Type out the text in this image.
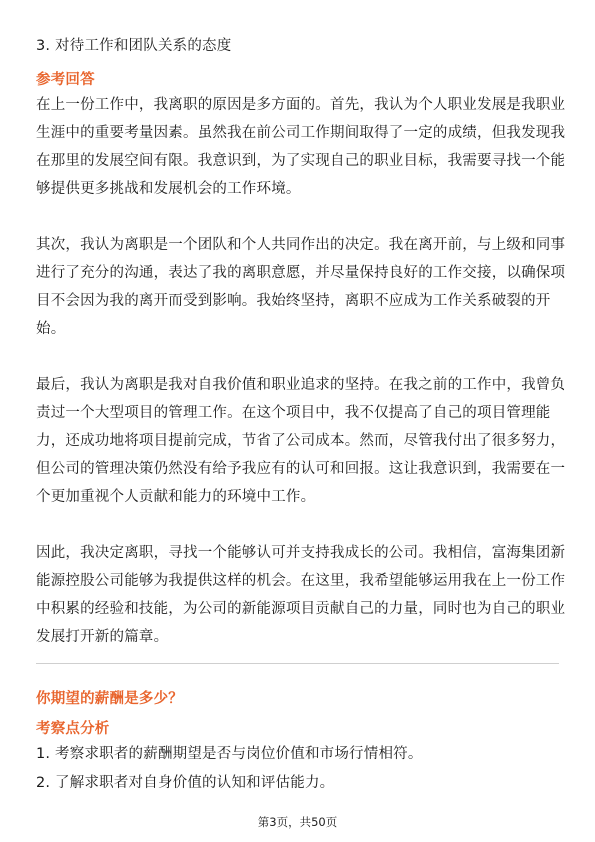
3. 对待工作和团队关系的态度
参考回答
在上一份工作中，我离职的原因是多方面的。首先，我认为个人职业发展是我职业
生涯中的重要考量因素。虽然我在前公司工作期间取得了一定的成绩，但我发现我
在那里的发展空间有限。我意识到，为了实现自己的职业目标，我需要寻找一个能
够提供更多挑战和发展机会的工作环境。
其次，我认为离职是一个团队和个人共同作出的决定。我在离开前，与上级和同事
进行了充分的沟通，表达了我的离职意愿，并尽量保持良好的工作交接，以确保项
目不会因为我的离开而受到影响。我始终坚持，离职不应成为工作关系破裂的开
始。
最后，我认为离职是我对自我价值和职业追求的坚持。在我之前的工作中，我曾负
责过一个大型项目的管理工作。在这个项目中，我不仅提高了自己的项目管理能
力，还成功地将项目提前完成，节省了公司成本。然而，尽管我付出了很多努力，
但公司的管理决策仍然没有给予我应有的认可和回报。这让我意识到，我需要在一
个更加重视个人贡献和能力的环境中工作。
因此，我决定离职，寻找一个能够认可并支持我成长的公司。我相信，富海集团新
能源控股公司能够为我提供这样的机会。在这里，我希望能够运用我在上一份工作
中积累的经验和技能，为公司的新能源项目贡献自己的力量，同时也为自己的职业
发展打开新的篇章。
你期望的薪酬是多少？
考察点分析
1. 考察求职者的薪酬期望是否与岗位价值和市场行情相符。
2. 了解求职者对自身价值的认知和评估能力。
第3页，共50页
